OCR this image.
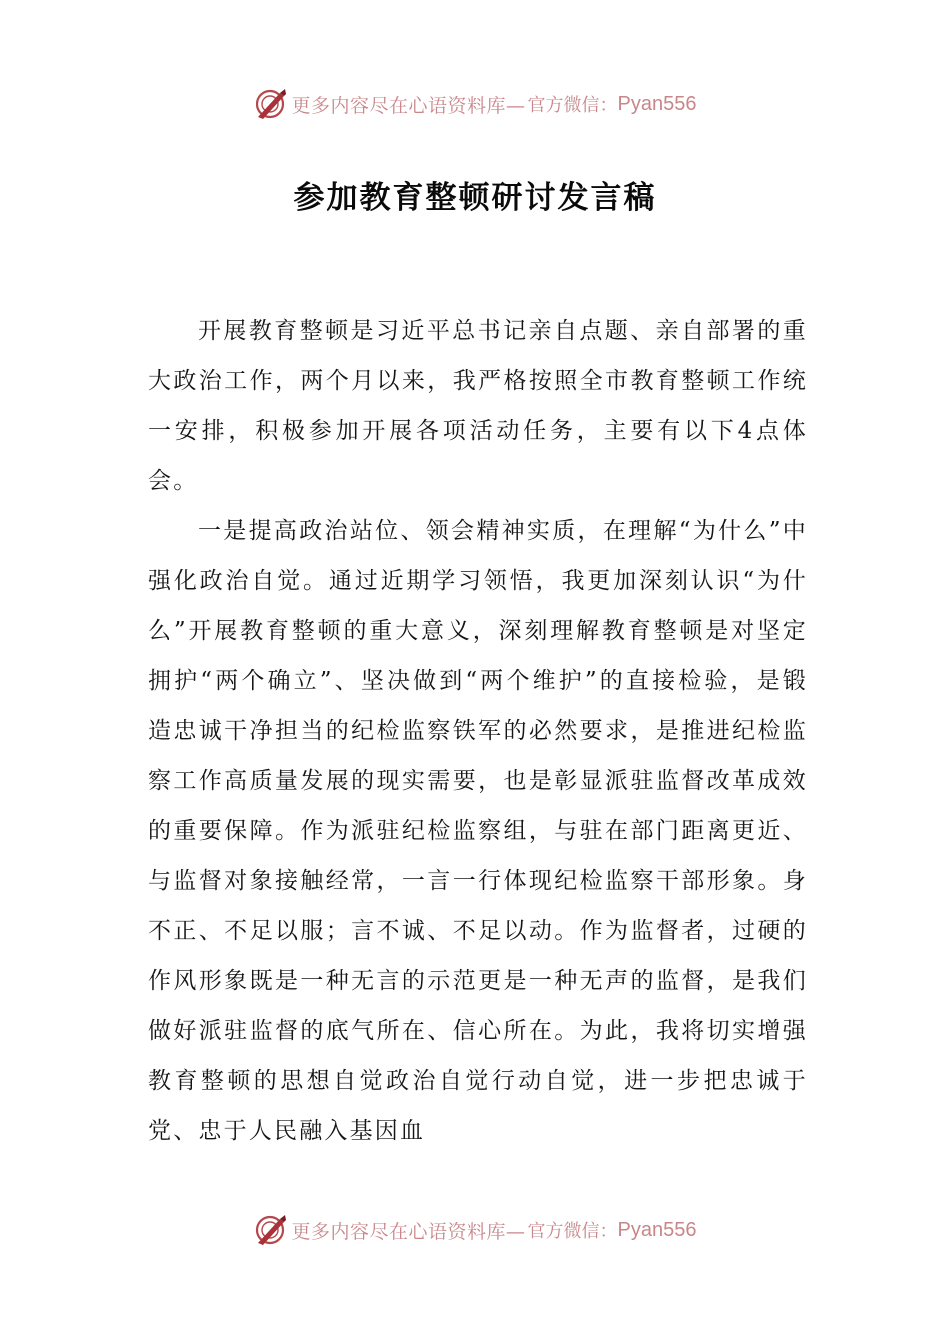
更多内容尽在心语资料库— 官方微信： Pyan556
参加教育整顿研讨发言稿

开展教育整顿是习近平总书记亲自点题、亲自部署的重大政治工作，两个月以来，我严格按照全市教育整顿工作统一安排，积极参加开展各项活动任务，主要有以下4点体会。

一是提高政治站位、领会精神实质，在理解“为什么”中强化政治自觉。通过近期学习领悟，我更加深刻认识“为什么”开展教育整顿的重大意义，深刻理解教育整顿是对坚定拥护“两个确立”、坚决做到“两个维护”的直接检验，是锻造忠诚干净担当的纪检监察铁军的必然要求，是推进纪检监察工作高质量发展的现实需要，也是彰显派驻监督改革成效的重要保障。作为派驻纪检监察组，与驻在部门距离更近、与监督对象接触经常，一言一行体现纪检监察干部形象。身不正、不足以服；言不诚、不足以动。作为监督者，过硬的作风形象既是一种无言的示范更是一种无声的监督，是我们做好派驻监督的底气所在、信心所在。为此，我将切实增强教育整顿的思想自觉政治自觉行动自觉，进一步把忠诚于党、忠于人民融入基因血

更多内容尽在心语资料库— 官方微信： Pyan556
